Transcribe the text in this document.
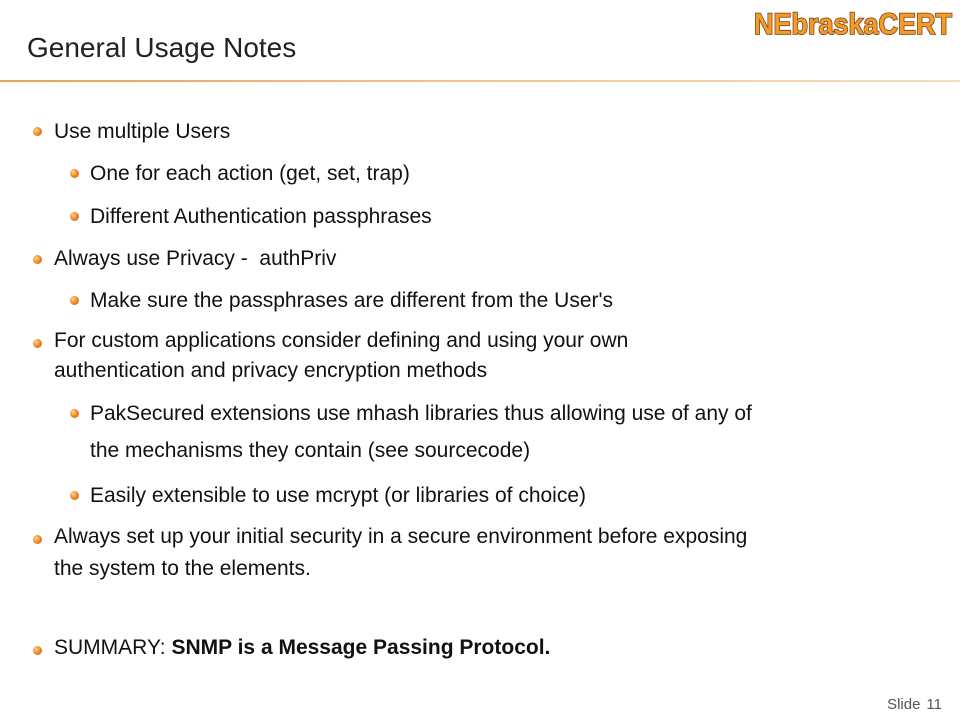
General Usage Notes
NEbraskaCERT
Use multiple Users
One for each action (get, set, trap)
Different Authentication passphrases
Always use Privacy -  authPriv
Make sure the passphrases are different from the User's
For custom applications consider defining and using your own
authentication and privacy encryption methods
PakSecured extensions use mhash libraries thus allowing use of any of
the mechanisms they contain (see sourcecode)
Easily extensible to use mcrypt (or libraries of choice)
Always set up your initial security in a secure environment before exposing
the system to the elements.
SUMMARY: SNMP is a Message Passing Protocol.
Slide 11
